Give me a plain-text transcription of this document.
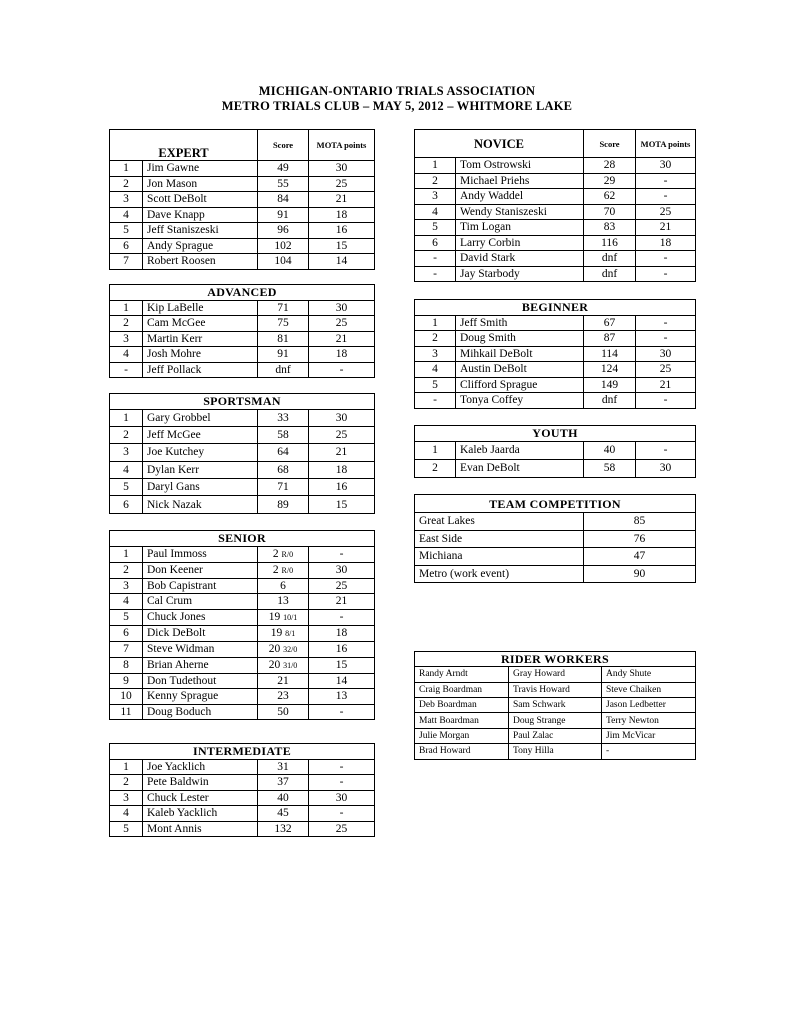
MICHIGAN-ONTARIO TRIALS ASSOCIATION
METRO TRIALS CLUB – MAY 5, 2012 – WHITMORE LAKE
EXPERT		Score	MOTA points
1	Jim Gawne	49	30
2	Jon Mason	55	25
3	Scott DeBolt	84	21
4	Dave Knapp	91	18
5	Jeff Staniszeski	96	16
6	Andy Sprague	102	15
7	Robert Roosen	104	14
ADVANCED			
1	Kip LaBelle	71	30
2	Cam McGee	75	25
3	Martin Kerr	81	21
4	Josh Mohre	91	18
-	Jeff Pollack	dnf	-
SPORTSMAN			
1	Gary Grobbel	33	30
2	Jeff McGee	58	25
3	Joe Kutchey	64	21
4	Dylan Kerr	68	18
5	Daryl Gans	71	16
6	Nick Nazak	89	15
SENIOR			
1	Paul Immoss	2 R/0	-
2	Don Keener	2 R/0	30
3	Bob Capistrant	6	25
4	Cal Crum	13	21
5	Chuck Jones	19 10/1	-
6	Dick DeBolt	19 8/1	18
7	Steve Widman	20 32/0	16
8	Brian Aherne	20 31/0	15
9	Don Tudethout	21	14
10	Kenny Sprague	23	13
11	Doug Boduch	50	-
INTERMEDIATE			
1	Joe Yacklich	31	-
2	Pete Baldwin	37	-
3	Chuck Lester	40	30
4	Kaleb Yacklich	45	-
5	Mont Annis	132	25
NOVICE		Score	MOTA points
1	Tom Ostrowski	28	30
2	Michael Priehs	29	-
3	Andy Waddel	62	-
4	Wendy Staniszeski	70	25
5	Tim Logan	83	21
6	Larry Corbin	116	18
-	David Stark	dnf	-
-	Jay Starbody	dnf	-
BEGINNER			
1	Jeff Smith	67	-
2	Doug Smith	87	-
3	Mihkail DeBolt	114	30
4	Austin DeBolt	124	25
5	Clifford Sprague	149	21
-	Tonya Coffey	dnf	-
YOUTH			
1	Kaleb Jaarda	40	-
2	Evan DeBolt	58	30
TEAM COMPETITION	
Great Lakes	85
East Side	76
Michiana	47
Metro (work event)	90
RIDER WORKERS		
Randy Arndt	Gray Howard	Andy Shute
Craig Boardman	Travis Howard	Steve Chaiken
Deb Boardman	Sam Schwark	Jason Ledbetter
Matt Boardman	Doug Strange	Terry Newton
Julie Morgan	Paul Zalac	Jim McVicar
Brad Howard	Tony Hilla	-
